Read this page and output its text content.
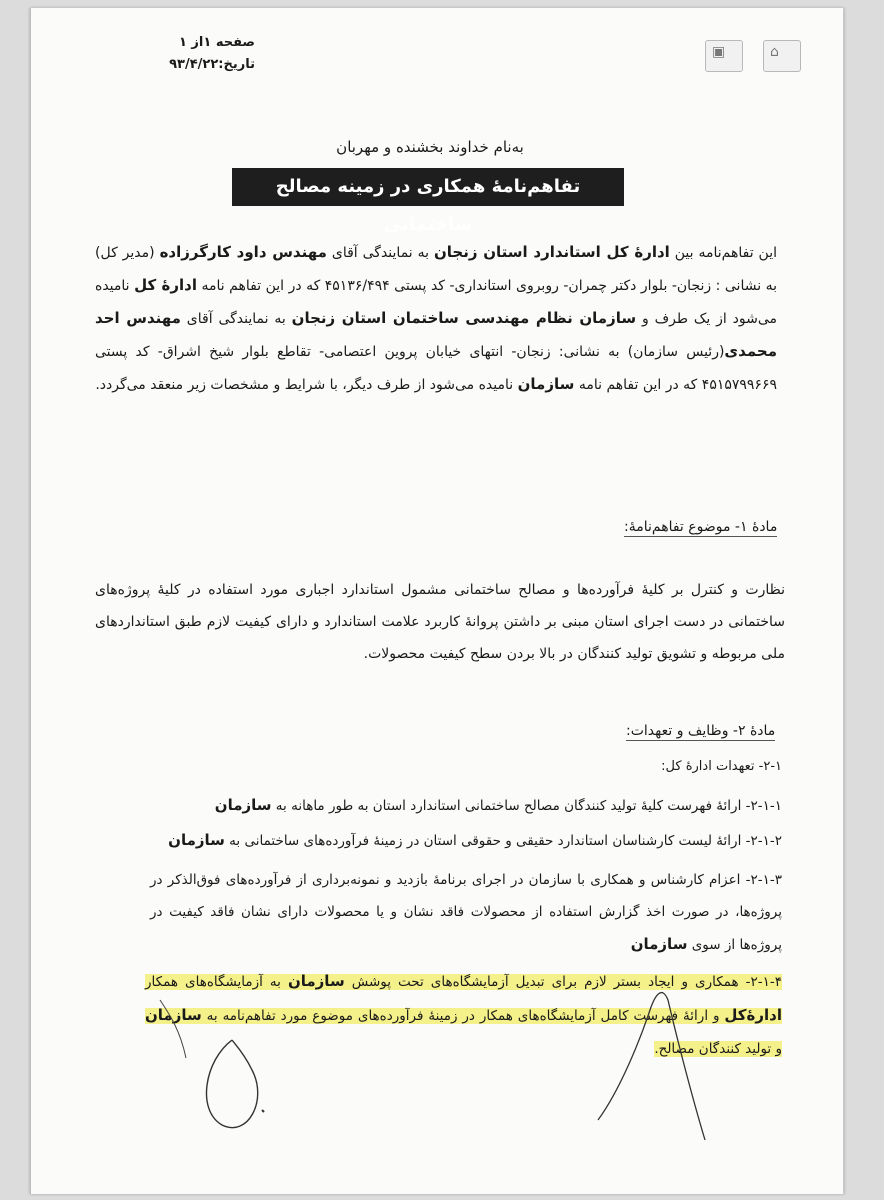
▣	⌂
صفحه ۱از ۱
تاریخ:۹۳/۴/۲۲
به‌نام خداوند بخشنده و مهربان
تفاهم‌نامهٔ همکاری در زمینه مصالح ساختمانی
این تفاهم‌نامه بین ادارهٔ کل استاندارد استان زنجان به نمایندگی آقای مهندس داود کارگرزاده (مدیر کل) به نشانی : زنجان- بلوار دکتر چمران- روبروی استانداری- کد پستی ۴۵۱۳۶/۴۹۴ که در این تفاهم نامه ادارهٔ کل نامیده می‌شود از یک طرف و سازمان نظام مهندسی ساختمان استان زنجان به نمایندگی آقای مهندس احد محمدی(رئیس سازمان) به نشانی: زنجان- انتهای خیابان پروین اعتصامی- تقاطع بلوار شیخ اشراق- کد پستی ۴۵۱۵۷۹۹۶۶۹ که در این تفاهم نامه سازمان نامیده می‌شود از طرف دیگر، با شرایط و مشخصات زیر منعقد می‌گردد.
مادهٔ ۱- موضوع تفاهم‌نامهٔ:
نظارت و کنترل بر کلیهٔ فرآورده‌ها و مصالح ساختمانی مشمول استاندارد اجباری مورد استفاده در کلیهٔ پروژه‌های ساختمانی در دست اجرای استان مبنی بر داشتن پروانهٔ کاربرد علامت استاندارد و دارای کیفیت لازم طبق استانداردهای ملی مربوطه و تشویق تولید کنندگان در بالا بردن سطح کیفیت محصولات.
مادهٔ ۲- وظایف و تعهدات:
۲-۱- تعهدات ادارهٔ کل:
۲-۱-۱- ارائهٔ فهرست کلیهٔ تولید کنندگان مصالح ساختمانی استاندارد استان به طور ماهانه به سازمان
۲-۱-۲- ارائهٔ لیست کارشناسان استاندارد حقیقی و حقوقی استان در زمینهٔ فرآورده‌های ساختمانی به سازمان
۲-۱-۳- اعزام کارشناس و همکاری با سازمان در اجرای برنامهٔ بازدید و نمونه‌برداری از فرآورده‌های فوق‌الذکر در پروژه‌ها، در صورت اخذ گزارش استفاده از محصولات فاقد نشان و یا محصولات دارای نشان فاقد کیفیت در پروژه‌ها از سوی سازمان
۲-۱-۴- همکاری و ایجاد بستر لازم برای تبدیل آزمایشگاه‌های تحت پوشش سازمان به آزمایشگاه‌های همکار ادارهٔ‌کل و ارائهٔ فهرست کامل آزمایشگاه‌های همکار در زمینهٔ فرآورده‌های موضوع مورد تفاهم‌نامه به سازمان و تولید کنندگان مصالح.
